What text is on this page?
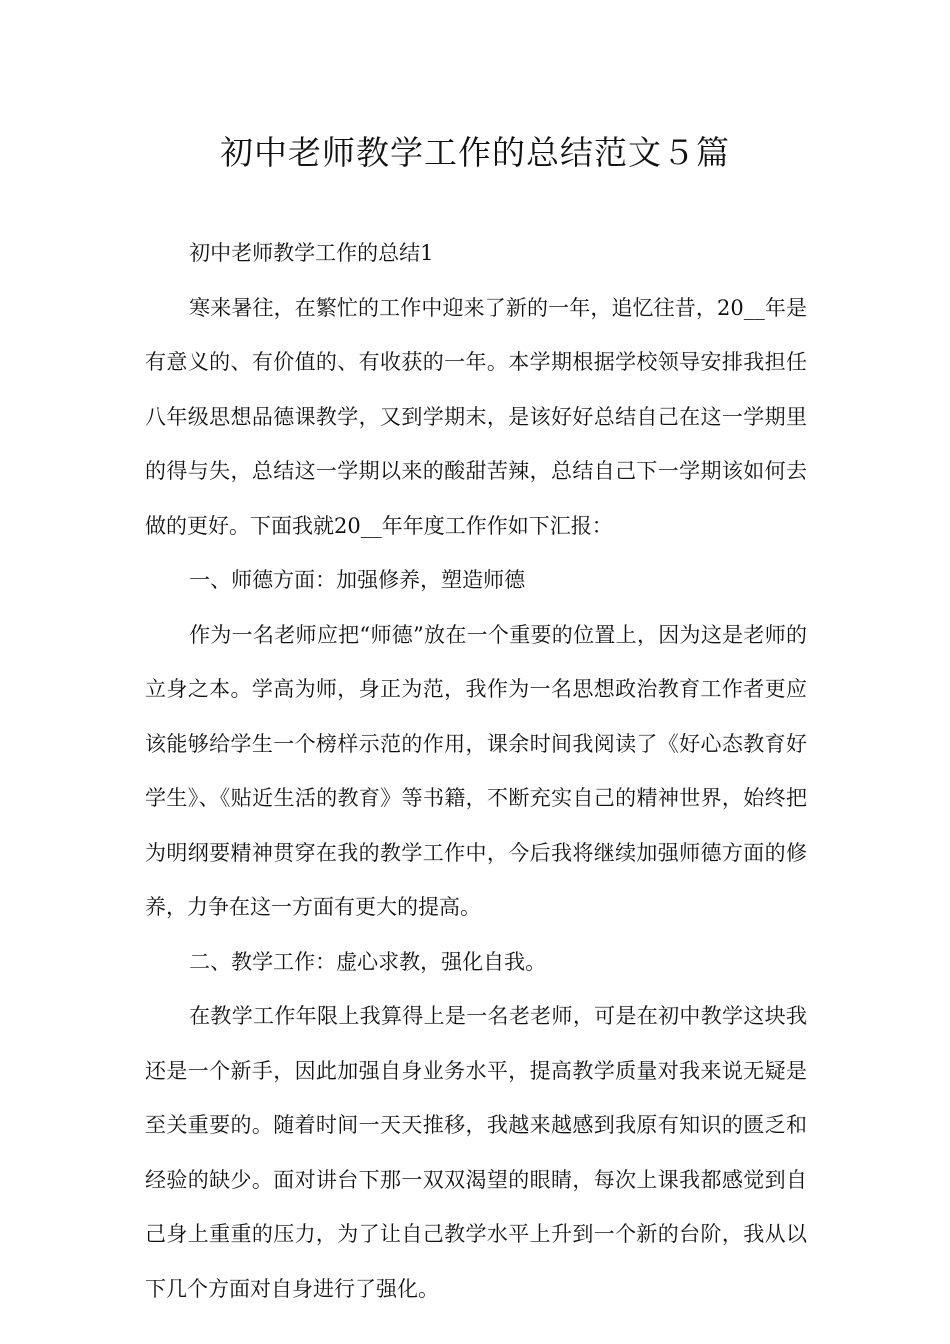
初中老师教学工作的总结范文５篇

初中老师教学工作的总结1

寒来暑往，在繁忙的工作中迎来了新的一年，追忆往昔，20__年是有意义的、有价值的、有收获的一年。本学期根据学校领导安排我担任八年级思想品德课教学，又到学期末，是该好好总结自己在这一学期里的得与失，总结这一学期以来的酸甜苦辣，总结自己下一学期该如何去做的更好。下面我就20__年年度工作作如下汇报：

一、师德方面：加强修养，塑造师德

作为一名老师应把“师德”放在一个重要的位置上，因为这是老师的立身之本。学高为师，身正为范，我作为一名思想政治教育工作者更应该能够给学生一个榜样示范的作用，课余时间我阅读了《好心态教育好学生》、《贴近生活的教育》等书籍，不断充实自己的精神世界，始终把为明纲要精神贯穿在我的教学工作中，今后我将继续加强师德方面的修养，力争在这一方面有更大的提高。

二、教学工作：虚心求教，强化自我。

在教学工作年限上我算得上是一名老老师，可是在初中教学这块我还是一个新手，因此加强自身业务水平，提高教学质量对我来说无疑是至关重要的。随着时间一天天推移，我越来越感到我原有知识的匮乏和经验的缺少。面对讲台下那一双双渴望的眼睛，每次上课我都感觉到自己身上重重的压力，为了让自己教学水平上升到一个新的台阶，我从以下几个方面对自身进行了强化。
